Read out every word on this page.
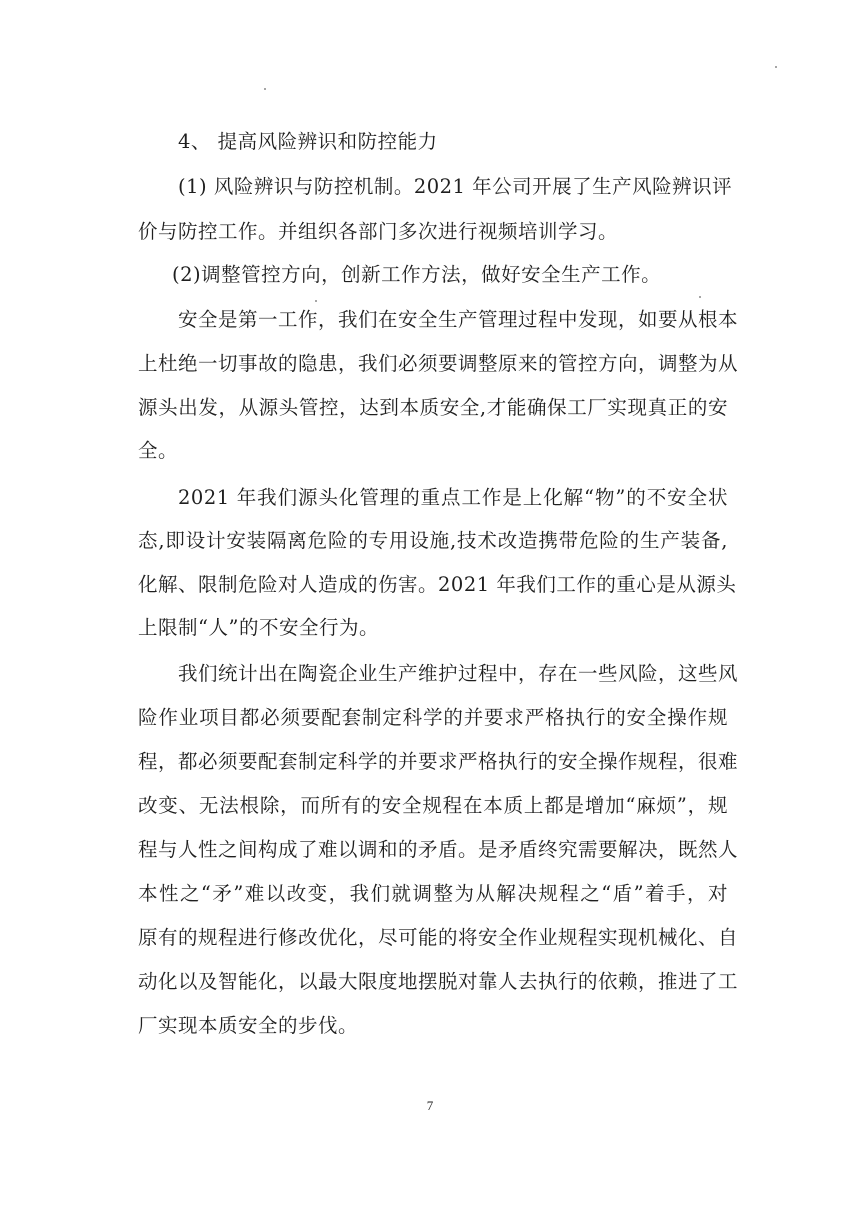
4、 提高风险辨识和防控能力
(1) 风险辨识与防控机制。2021 年公司开展了生产风险辨识评
价与防控工作。并组织各部门多次进行视频培训学习。
(2)调整管控方向，创新工作方法，做好安全生产工作。
安全是第一工作，我们在安全生产管理过程中发现，如要从根本
上杜绝一切事故的隐患，我们必须要调整原来的管控方向，调整为从
源头出发，从源头管控，达到本质安全,才能确保工厂实现真正的安
全。
2021 年我们源头化管理的重点工作是上化解“物”的不安全状
态,即设计安装隔离危险的专用设施,技术改造携带危险的生产装备,
化解、限制危险对人造成的伤害。2021 年我们工作的重心是从源头
上限制“人”的不安全行为。
我们统计出在陶瓷企业生产维护过程中，存在一些风险，这些风
险作业项目都必须要配套制定科学的并要求严格执行的安全操作规
程，都必须要配套制定科学的并要求严格执行的安全操作规程，很难
改变、无法根除，而所有的安全规程在本质上都是增加“麻烦”，规
程与人性之间构成了难以调和的矛盾。是矛盾终究需要解决，既然人
本性之“矛”难以改变，我们就调整为从解决规程之“盾”着手，对
原有的规程进行修改优化，尽可能的将安全作业规程实现机械化、自
动化以及智能化，以最大限度地摆脱对靠人去执行的依赖，推进了工
厂实现本质安全的步伐。
7
